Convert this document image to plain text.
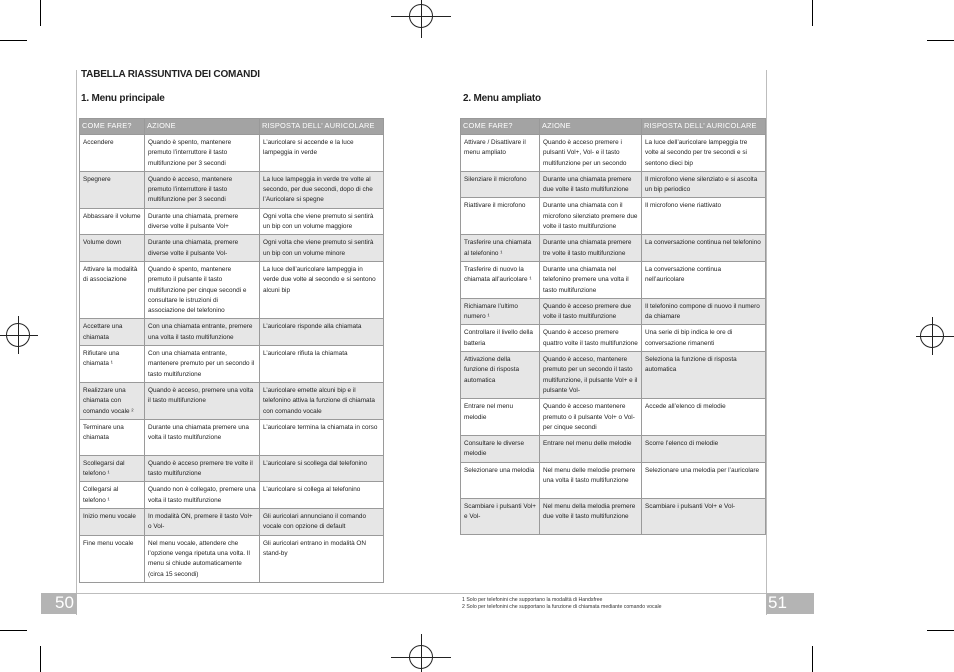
TABELLA RIASSUNTIVA DEI COMANDI
1. Menu principale	2. Menu ampliato
COME FARE?	AZIONE	RISPOSTA DELL’ AURICOLARE
Accendere	Quando è spento, mantenere premuto l’interruttore il tasto multifunzione per 3 secondi	L’auricolare si accende e la luce lampeggia in verde
Spegnere	Quando è acceso, mantenere premuto l’interruttore il tasto multifunzione per 3 secondi	La luce lampeggia in verde tre volte al secondo, per due secondi, dopo di che l’Auricolare si spegne
Abbassare il volume	Durante una chiamata, premere diverse volte il pulsante Vol+	Ogni volta che viene premuto si sentirà un bip con un volume maggiore
Volume down	Durante una chiamata, premere diverse volte il pulsante Vol-	Ogni volta che viene premuto si sentirà un bip con un volume minore
Attivare la modalità di associazione	Quando è spento, mantenere premuto il pulsante il tasto multifunzione per cinque secondi e consultare le istruzioni di associazione del telefonino	La luce dell’auricolare lampeggia in verde due volte al secondo e si sentono alcuni bip
Accettare una chiamata	Con una chiamata entrante, premere una volta il tasto multifunzione	L’auricolare risponde alla chiamata
Rifiutare una chiamata ¹	Con una chiamata entrante, mantenere premuto per un secondo il tasto multifunzione	L’auricolare rifiuta la chiamata
Realizzare una chiamata con comando vocale ²	Quando è acceso, premere una volta il tasto multifunzione	L’auricolare emette alcuni bip e il telefonino attiva la funzione di chiamata con comando vocale
Terminare una chiamata	Durante una chiamata premere una volta il tasto multifunzione	L’auricolare termina la chiamata in corso
Scollegarsi dal telefono ¹	Quando è acceso premere tre volte il tasto multifunzione	L’auricolare si scollega dal telefonino
Collegarsi al telefono ¹	Quando non è collegato, premere una volta il tasto multifunzione	L’auricolare si collega al telefonino
Inizio menu vocale	In modalità ON, premere il tasto Vol+ o Vol-	Gli auricolari annunciano il comando vocale con opzione di default
Fine menu vocale	Nel menu vocale, attendere che l’opzione venga ripetuta una volta. Il menu si chiude automaticamente (circa 15 secondi)	Gli auricolari entrano in modalità ON stand-by
COME FARE?	AZIONE	RISPOSTA DELL’ AURICOLARE
Attivare / Disattivare il menu ampliato	Quando è acceso premere i pulsanti Vol+, Vol- e il tasto multifunzione per un secondo	La luce dell’auricolare lampeggia tre volte al secondo per tre secondi e si sentono dieci bip
Silenziare il microfono	Durante una chiamata premere due volte il tasto multifunzione	Il microfono viene silenziato e si ascolta un bip periodico
Riattivare il microfono	Durante una chiamata con il microfono silenziato premere due volte il tasto multifunzione	Il microfono viene riattivato
Trasferire una chiamata al telefonino ¹	Durante una chiamata premere tre volte il tasto multifunzione	La conversazione continua nel telefonino
Trasferire di nuovo la chiamata all’auricolare ¹	Durante una chiamata nel telefonino premere una volta il tasto multifunzione	La conversazione continua nell’auricolare
Richiamare l’ultimo numero ¹	Quando è acceso premere due volte il tasto multifunzione	Il telefonino compone di nuovo il numero da chiamare
Controllare il livello della batteria	Quando è acceso premere quattro volte il tasto multifunzione	Una serie di bip indica le ore di conversazione rimanenti
Attivazione della funzione di risposta automatica	Quando è acceso, mantenere premuto per un secondo il tasto multifunzione, il pulsante Vol+ e il pulsante Vol-	Seleziona la funzione di risposta automatica
Entrare nel menu melodie	Quando è acceso mantenere premuto o il pulsante Vol+ o Vol- per cinque secondi	Accede all’elenco di melodie
Consultare le diverse melodie	Entrare nel menu delle melodie	Scorre l’elenco di melodie
Selezionare una melodia	Nel menu delle melodie premere una volta il tasto multifunzione	Selezionare una melodia per l’auricolare
Scambiare i pulsanti Vol+ e Vol-	Nel menu della melodia premere due volte il tasto multifunzione	Scambiare i pulsanti Vol+ e Vol-
50	51
1 Solo per telefonini che supportano la modalità di Handsfree
2 Solo per telefonini che supportano la funzione di chiamata mediante comando vocale
